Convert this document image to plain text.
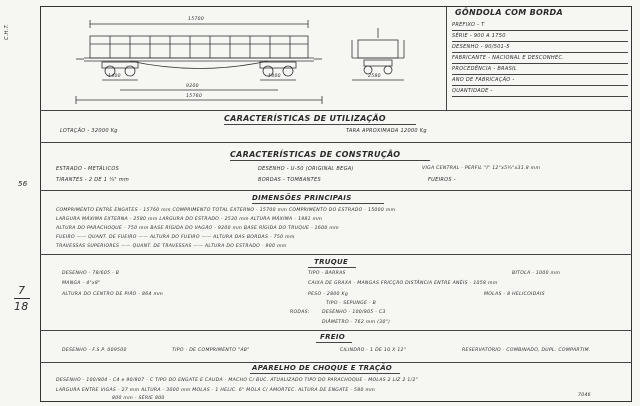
C.H.T.
56
7
18
GÔNDOLA COM BORDA
PREFIXO - T
SÉRIE - 900 A 1750
DESENHO - 90/501-5
FABRICANTE - NACIONAL E DESCONHEC.
PROCEDÊNCIA - BRASIL
ANO DE FABRICAÇÃO -
QUANTIDADE -
15700
1400	1400
9200
15760
2580
CARACTERÍSTICAS DE UTILIZAÇÃO
LOTAÇÃO - 32000 Kg	TARA APROXIMADA 12000 Kg
CARACTERÍSTICAS DE CONSTRUÇÃO
ESTRADO - METÁLICOS	DESENHO - U-50 (ORIGINAL BEGA)	VIGA CENTRAL - PERFIL "I" 12"x5¼"x31.8 mm
TIRANTES - 2 DE 1 ¼" mm	BORDAS - TOMBANTES	FUEIROS -
DIMENSÕES PRINCIPAIS
COMPRIMENTO ENTRE ENGATES - 15760 mm COMPRIMENTO TOTAL EXTERNO - 15700 mm COMPRIMENTO DO ESTRADO - 15000 mm
LARGURA MÁXIMA EXTERNA - 2580 mm LARGURA DO ESTRADO - 2530 mm ALTURA MÁXIMA - 1981 mm
ALTURA DO PARACHOQUE - 750 mm BASE RÍGIDA DO VAGÃO - 9200 mm BASE RÍGIDA DO TRUQUE - 1600 mm
FUEIRO —— QUANT. DE FUEIRO —— ALTURA DO FUEIRO —— ALTURA DAS BORDAS - 750 mm
TRAVESSAS SUPERIORES —— QUANT. DE TRAVESSAS —— ALTURA DO ESTRADO - 900 mm
TRUQUE
DESENHO - 78/605 - B	TIPO - BARRAS	BITOLA - 1000 mm
MANGA - 4"x8"	CAIXA DE GRAXA - MANGAS FRICÇÃO DISTÂNCIA ENTRE ANÉIS - 1058 mm
ALTURA DO CENTRO DE PIÃO - 864 mm	PESO - 2800 Kg	MOLAS - 8 HELICOIDAIS
TIPO - SEPUNGE - B
RODAS:	DESENHO - 100/805 - C3
DIÂMETRO - 762 mm (30")
FREIO
DESENHO - F.S.P. 009500	TIPO - DE COMPRIMENTO "AB"	CILINDRO - 1 DE 10 X 12"	RESERVATÓRIO - COMBINADO, DUPL. COMPARTIM.
APARELHO DE CHOQUE E TRAÇÃO
DESENHO - 100/804 - C4 e 90/807 - C TIPO DO ENGATE E CAUDA - MACHO C/ BUC. ATUALIZADO TIPO DO PARACHOQUE - MOLAS 2 LIZ 2 1/2"
LARGURA ENTRE VIGAS - 27 mm ALTURA - 3000 mm MOLAS - 1 HELIC. 6" MOLA C/ AMORTEC. ALTURA DE ENGATE - 580 mm
800 mm - SÉRIE 800
7046
